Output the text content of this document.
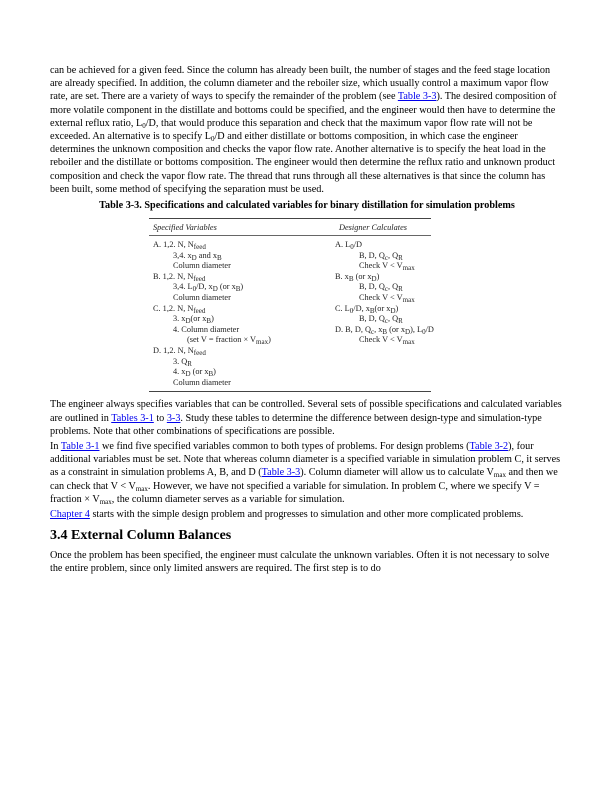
can be achieved for a given feed. Since the column has already been built, the number of stages and the feed stage location are already specified. In addition, the column diameter and the reboiler size, which usually control a maximum vapor flow rate, are set. There are a variety of ways to specify the remainder of the problem (see Table 3-3). The desired composition of more volatile component in the distillate and bottoms could be specified, and the engineer would then have to determine the external reflux ratio, $L_0/D$, that would produce this separation and check that the maximum vapor flow rate will not be exceeded. An alternative is to specify $L_0/D$ and either distillate or bottoms composition, in which case the engineer determines the unknown composition and checks the vapor flow rate. Another alternative is to specify the heat load in the reboiler and the distillate or bottoms composition. The engineer would then determine the reflux ratio and unknown product composition and check the vapor flow rate. The thread that runs through all these alternatives is that since the column has been built, some method of specifying the separation must be used.

Table 3-3. Specifications and calculated variables for binary distillation for simulation problems
Specified Variables	Designer Calculates
A. 1,2. N, $N_{feed}$
3,4. $x_D$ and $x_B$
Column diameter
B. 1,2. N, $N_{feed}$
3,4. $L_0/D$, $x_D$ (or $x_B$)
Column diameter
C. 1,2. N, $N_{feed}$
3. $x_D(or$ $x_B$)
4. Column diameter
(set V = fraction × $V_{max}$)
D. 1,2. N, $N_{feed}$
3. $Q_R$
4. $x_D$ (or $x_B$)
Column diameter
A. $L_0/D$
B, D, $Q_c$, $Q_R$
Check $V < V_{max}$
B. $x_B$ (or $x_D$)
B, D, $Q_c$, $Q_R$
Check $V < V_{max}$
C. $L_0/D$, $x_B(or$ $x_D$)
B, D, $Q_c$, $Q_R$
D. B, D, $Q_c$, $x_B$ (or $x_D$), $L_0/D$
Check $V < V_{max}$

The engineer always specifies variables that can be controlled. Several sets of possible specifications and calculated variables are outlined in Tables 3-1 to 3-3. Study these tables to determine the difference between design-type and simulation-type problems. Note that other combinations of specifications are possible.

In Table 3-1 we find five specified variables common to both types of problems. For design problems (Table 3-2), four additional variables must be set. Note that whereas column diameter is a specified variable in simulation problem C, it serves as a constraint in simulation problems A, B, and D (Table 3-3). Column diameter will allow us to calculate $V_{max}$ and then we can check that $V < V_{max}$. However, we have not specified a variable for simulation. In problem C, where we specify V = fraction × $V_{max}$, the column diameter serves as a variable for simulation.

Chapter 4 starts with the simple design problem and progresses to simulation and other more complicated problems.

3.4 External Column Balances

Once the problem has been specified, the engineer must calculate the unknown variables. Often it is not necessary to solve the entire problem, since only limited answers are required. The first step is to do
